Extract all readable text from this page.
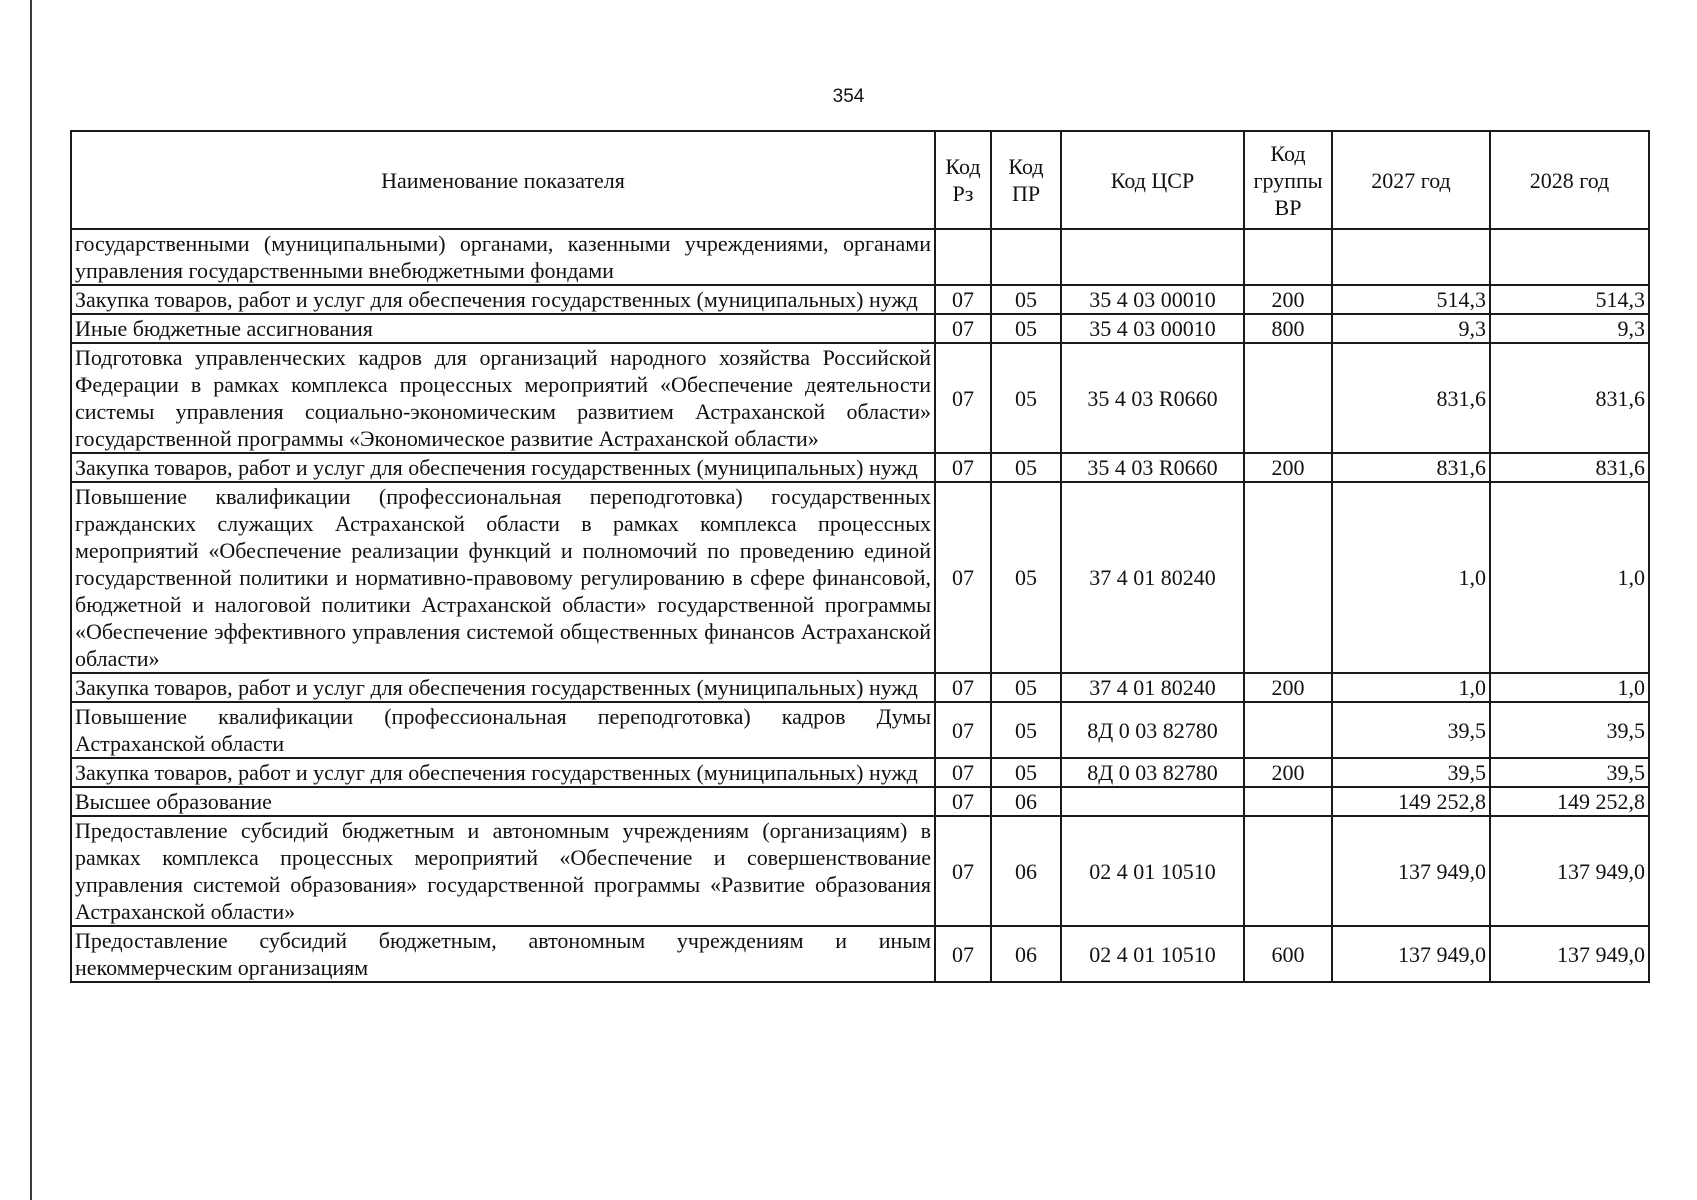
354
Наименование показателя	Код Рз	Код ПР	Код ЦСР	Код группы ВР	2027 год	2028 год
государственными (муниципальными) органами, казенными учреждениями, органами управления государственными внебюджетными фондами						
Закупка товаров, работ и услуг для обеспечения государственных (муниципальных) нужд	07	05	35 4 03 00010	200	514,3	514,3
Иные бюджетные ассигнования	07	05	35 4 03 00010	800	9,3	9,3
Подготовка управленческих кадров для организаций народного хозяйства Российской Федерации в рамках комплекса процессных мероприятий «Обеспечение деятельности системы управления социально-экономическим развитием Астраханской области» государственной программы «Экономическое развитие Астраханской области»	07	05	35 4 03 R0660		831,6	831,6
Закупка товаров, работ и услуг для обеспечения государственных (муниципальных) нужд	07	05	35 4 03 R0660	200	831,6	831,6
Повышение квалификации (профессиональная переподготовка) государственных гражданских служащих Астраханской области в рамках комплекса процессных мероприятий «Обеспечение реализации функций и полномочий по проведению единой государственной политики и нормативно-правовому регулированию в сфере финансовой, бюджетной и налоговой политики Астраханской области» государственной программы «Обеспечение эффективного управления системой общественных финансов Астраханской области»	07	05	37 4 01 80240		1,0	1,0
Закупка товаров, работ и услуг для обеспечения государственных (муниципальных) нужд	07	05	37 4 01 80240	200	1,0	1,0
Повышение квалификации (профессиональная переподготовка) кадров Думы Астраханской области	07	05	8Д 0 03 82780		39,5	39,5
Закупка товаров, работ и услуг для обеспечения государственных (муниципальных) нужд	07	05	8Д 0 03 82780	200	39,5	39,5
Высшее образование	07	06			149 252,8	149 252,8
Предоставление субсидий бюджетным и автономным учреждениям (организациям) в рамках комплекса процессных мероприятий «Обеспечение и совершенствование управления системой образования» государственной программы «Развитие образования Астраханской области»	07	06	02 4 01 10510		137 949,0	137 949,0
Предоставление субсидий бюджетным, автономным учреждениям и иным некоммерческим организациям	07	06	02 4 01 10510	600	137 949,0	137 949,0
